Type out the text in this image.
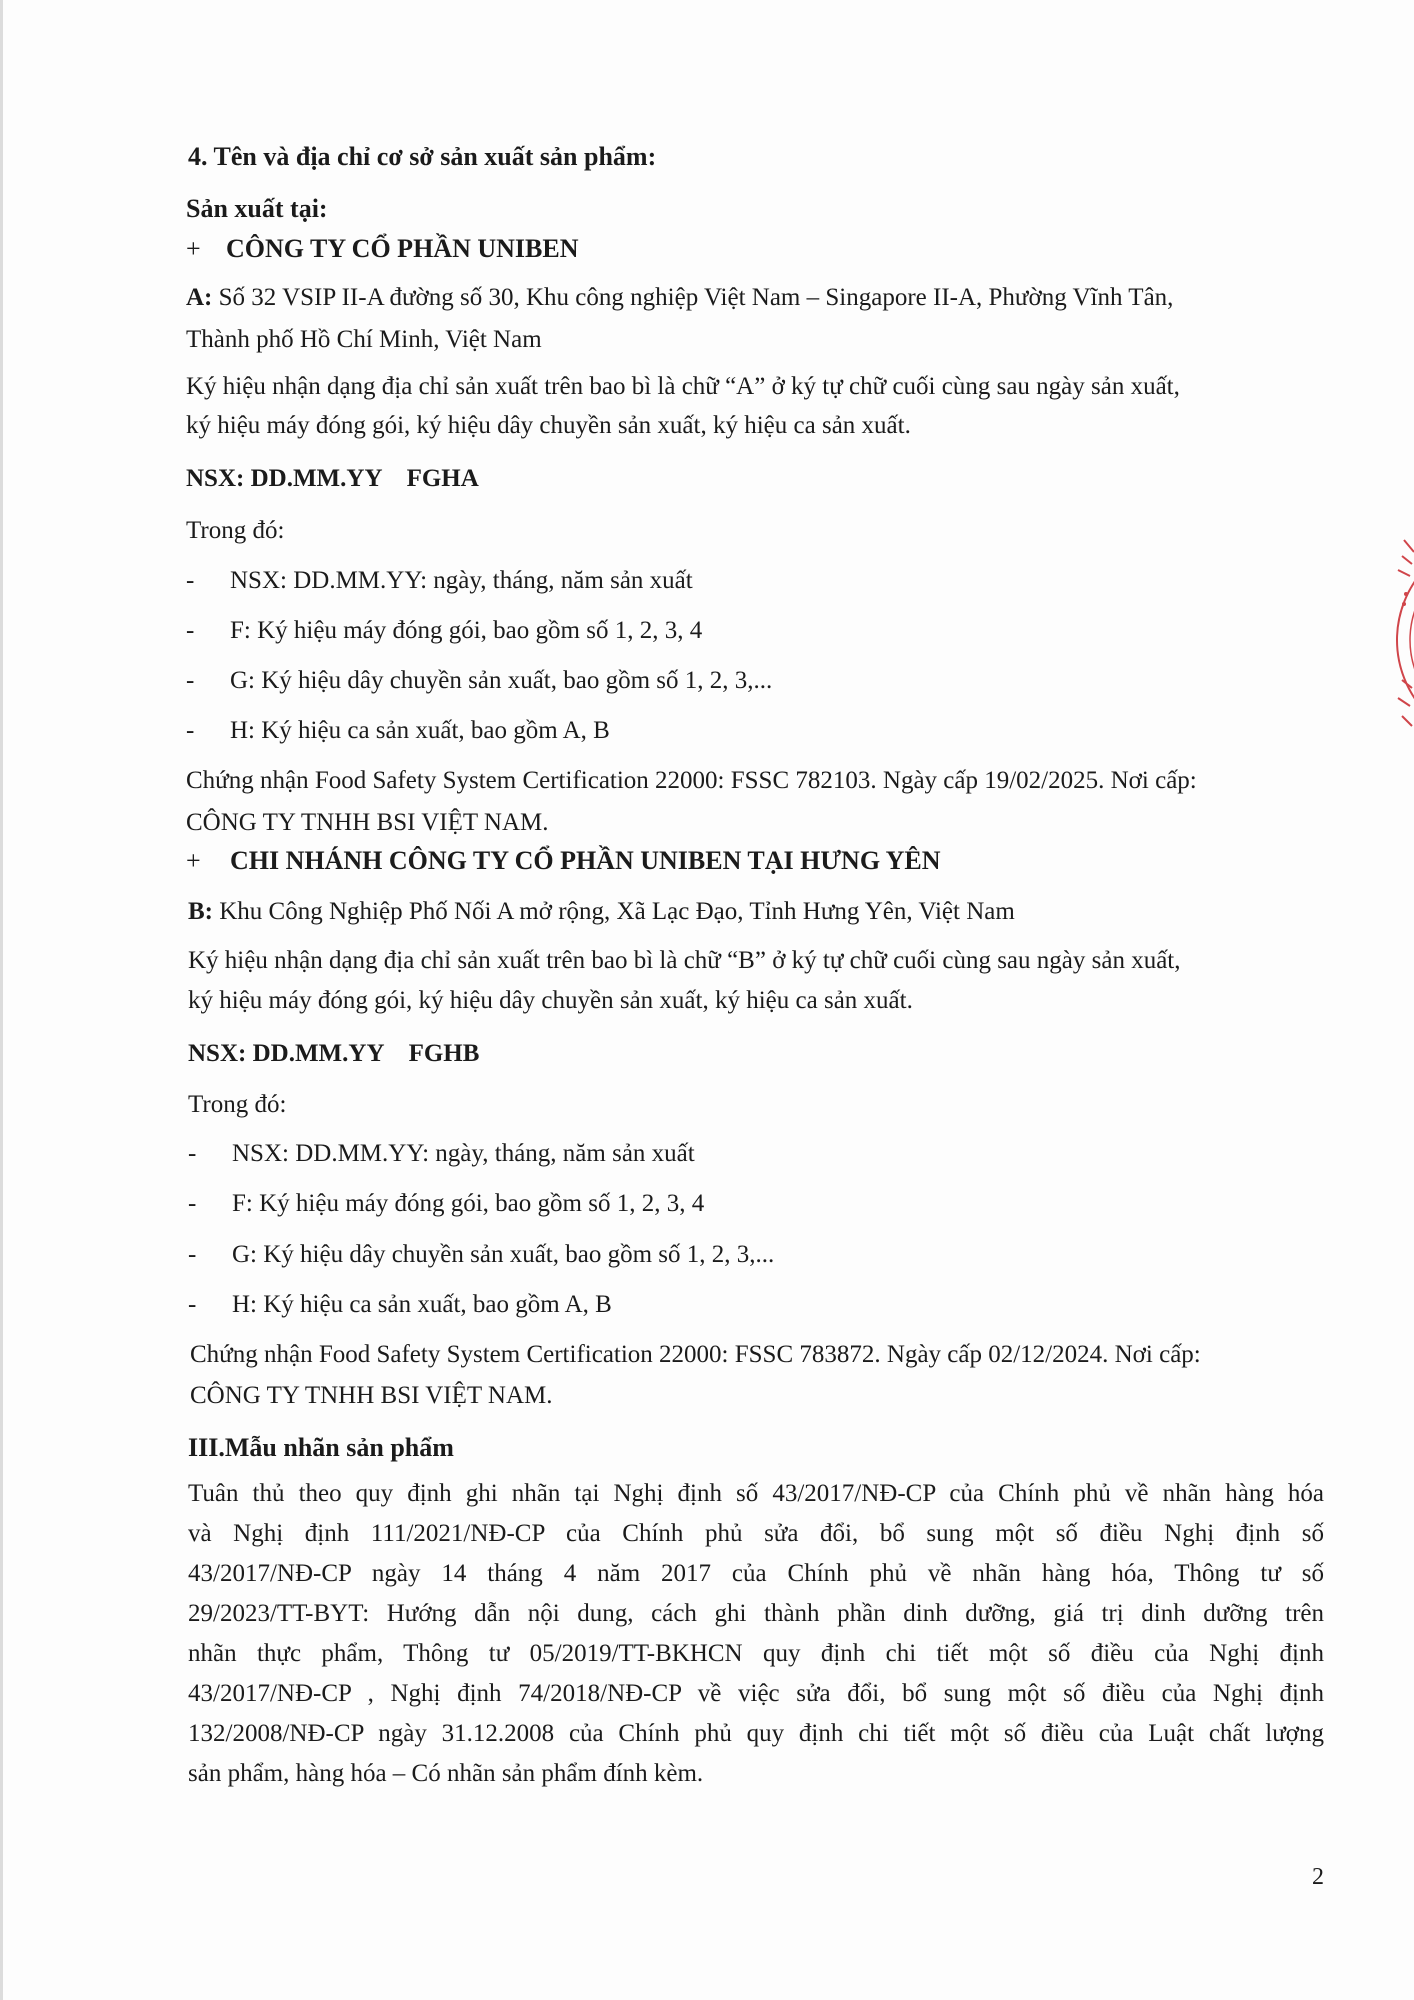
4. Tên và địa chỉ cơ sở sản xuất sản phẩm:
Sản xuất tại:
+ CÔNG TY CỔ PHẦN UNIBEN
A: Số 32 VSIP II-A đường số 30, Khu công nghiệp Việt Nam – Singapore II-A, Phường Vĩnh Tân,
Thành phố Hồ Chí Minh, Việt Nam
Ký hiệu nhận dạng địa chỉ sản xuất trên bao bì là chữ “A” ở ký tự chữ cuối cùng sau ngày sản xuất,
ký hiệu máy đóng gói, ký hiệu dây chuyền sản xuất, ký hiệu ca sản xuất.
NSX: DD.MM.YY    FGHA
Trong đó:
- NSX: DD.MM.YY: ngày, tháng, năm sản xuất
- F: Ký hiệu máy đóng gói, bao gồm số 1, 2, 3, 4
- G: Ký hiệu dây chuyền sản xuất, bao gồm số 1, 2, 3,...
- H: Ký hiệu ca sản xuất, bao gồm A, B
Chứng nhận Food Safety System Certification 22000: FSSC 782103. Ngày cấp 19/02/2025. Nơi cấp:
CÔNG TY TNHH BSI VIỆT NAM.
+ CHI NHÁNH CÔNG TY CỔ PHẦN UNIBEN TẠI HƯNG YÊN
B: Khu Công Nghiệp Phố Nối A mở rộng, Xã Lạc Đạo, Tỉnh Hưng Yên, Việt Nam
Ký hiệu nhận dạng địa chỉ sản xuất trên bao bì là chữ “B” ở ký tự chữ cuối cùng sau ngày sản xuất,
ký hiệu máy đóng gói, ký hiệu dây chuyền sản xuất, ký hiệu ca sản xuất.
NSX: DD.MM.YY    FGHB
Trong đó:
- NSX: DD.MM.YY: ngày, tháng, năm sản xuất
- F: Ký hiệu máy đóng gói, bao gồm số 1, 2, 3, 4
- G: Ký hiệu dây chuyền sản xuất, bao gồm số 1, 2, 3,...
- H: Ký hiệu ca sản xuất, bao gồm A, B
Chứng nhận Food Safety System Certification 22000: FSSC 783872. Ngày cấp 02/12/2024. Nơi cấp:
CÔNG TY TNHH BSI VIỆT NAM.
III.Mẫu nhãn sản phẩm
Tuân thủ theo quy định ghi nhãn tại Nghị định số 43/2017/NĐ-CP của Chính phủ về nhãn hàng hóa
và Nghị định 111/2021/NĐ-CP của Chính phủ sửa đổi, bổ sung một số điều Nghị định số
43/2017/NĐ-CP ngày 14 tháng 4 năm 2017 của Chính phủ về nhãn hàng hóa, Thông tư số
29/2023/TT-BYT: Hướng dẫn nội dung, cách ghi thành phần dinh dưỡng, giá trị dinh dưỡng trên
nhãn thực phẩm, Thông tư 05/2019/TT-BKHCN quy định chi tiết một số điều của Nghị định
43/2017/NĐ-CP , Nghị định 74/2018/NĐ-CP về việc sửa đổi, bổ sung một số điều của Nghị định
132/2008/NĐ-CP ngày 31.12.2008 của Chính phủ quy định chi tiết một số điều của Luật chất lượng
sản phẩm, hàng hóa – Có nhãn sản phẩm đính kèm.
2
